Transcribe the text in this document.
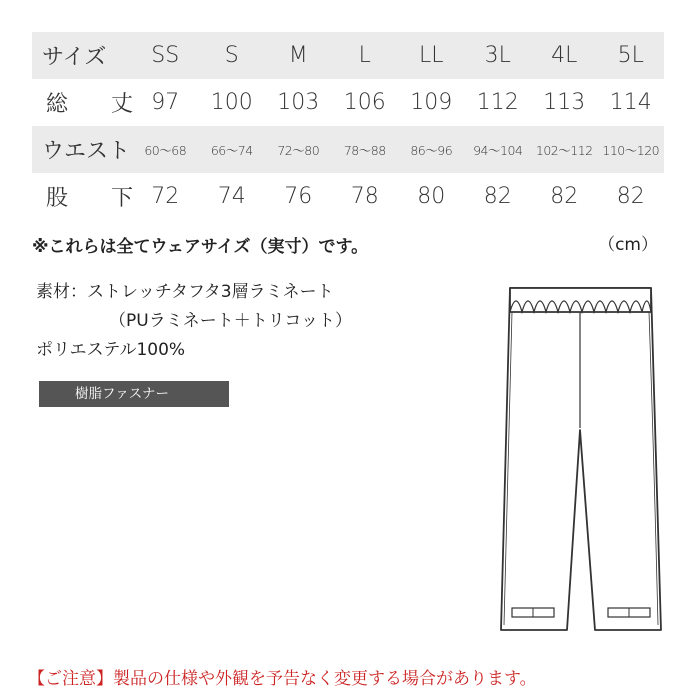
サイズ	SS	S	M	L	LL	3L	4L	5L
総 丈	97	100	103	106	109	112	113	114
ウエスト	60～68	66～74	72～80	78～88	86～96	94～104	102～112	110～120
股 下	72	74	76	78	80	82	82	82
※これらは全てウェアサイズ（実寸）です。	（cm）
素材：ストレッチタフタ3層ラミネート
（PUラミネート＋トリコット）
ポリエステル100%
樹脂ファスナー
【ご注意】製品の仕様や外観を予告なく変更する場合があります。
